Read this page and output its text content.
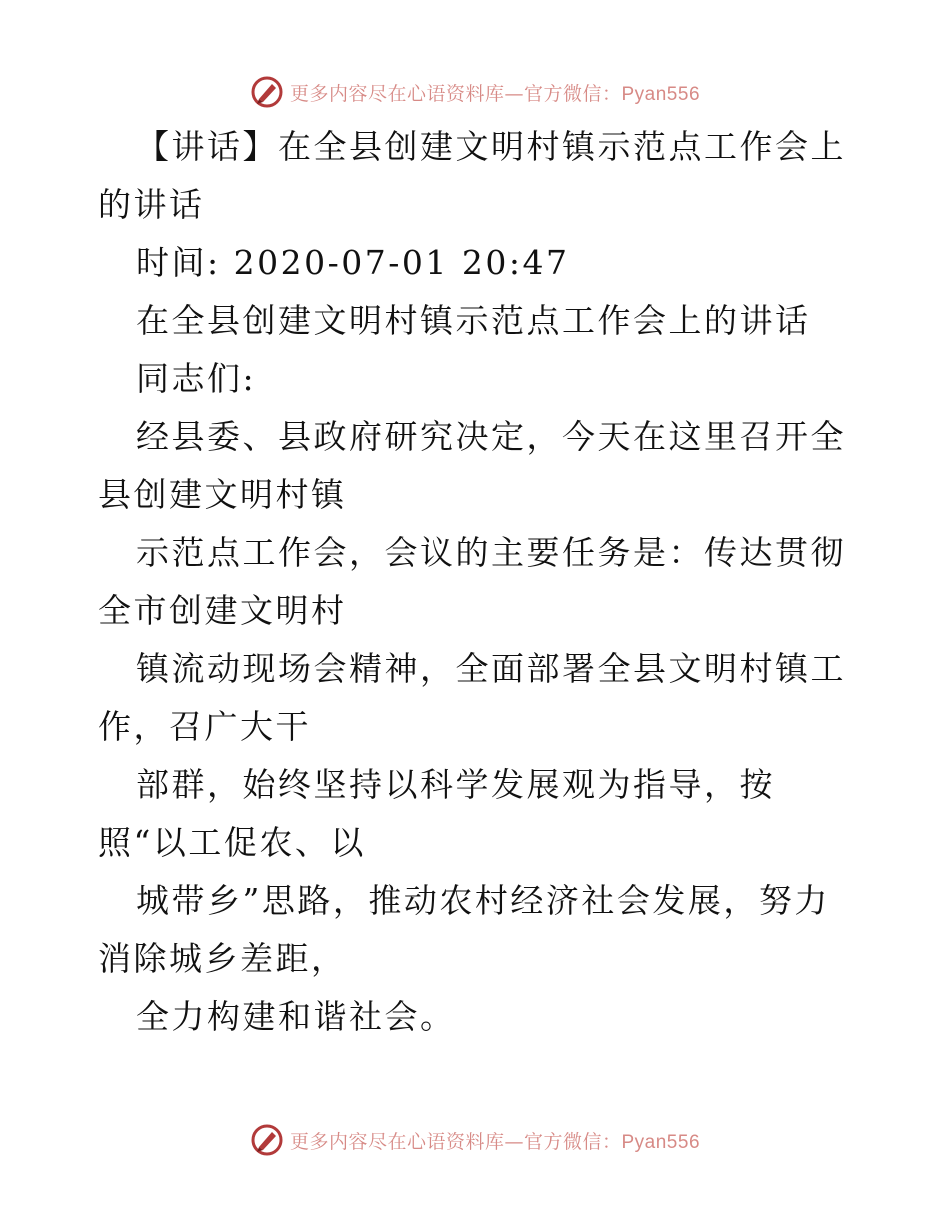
更多内容尽在心语资料库—官方微信：Pyan556

【讲话】在全县创建文明村镇示范点工作会上的讲话

时间: 2020-07-01 20:47

在全县创建文明村镇示范点工作会上的讲话

同志们:

经县委、县政府研究决定，今天在这里召开全县创建文明村镇

示范点工作会，会议的主要任务是：传达贯彻全市创建文明村

镇流动现场会精神，全面部署全县文明村镇工作，召广大干

部群，始终坚持以科学发展观为指导，按照“以工促农、以

城带乡”思路，推动农村经济社会发展，努力消除城乡差距，

全力构建和谐社会。

更多内容尽在心语资料库—官方微信：Pyan556
